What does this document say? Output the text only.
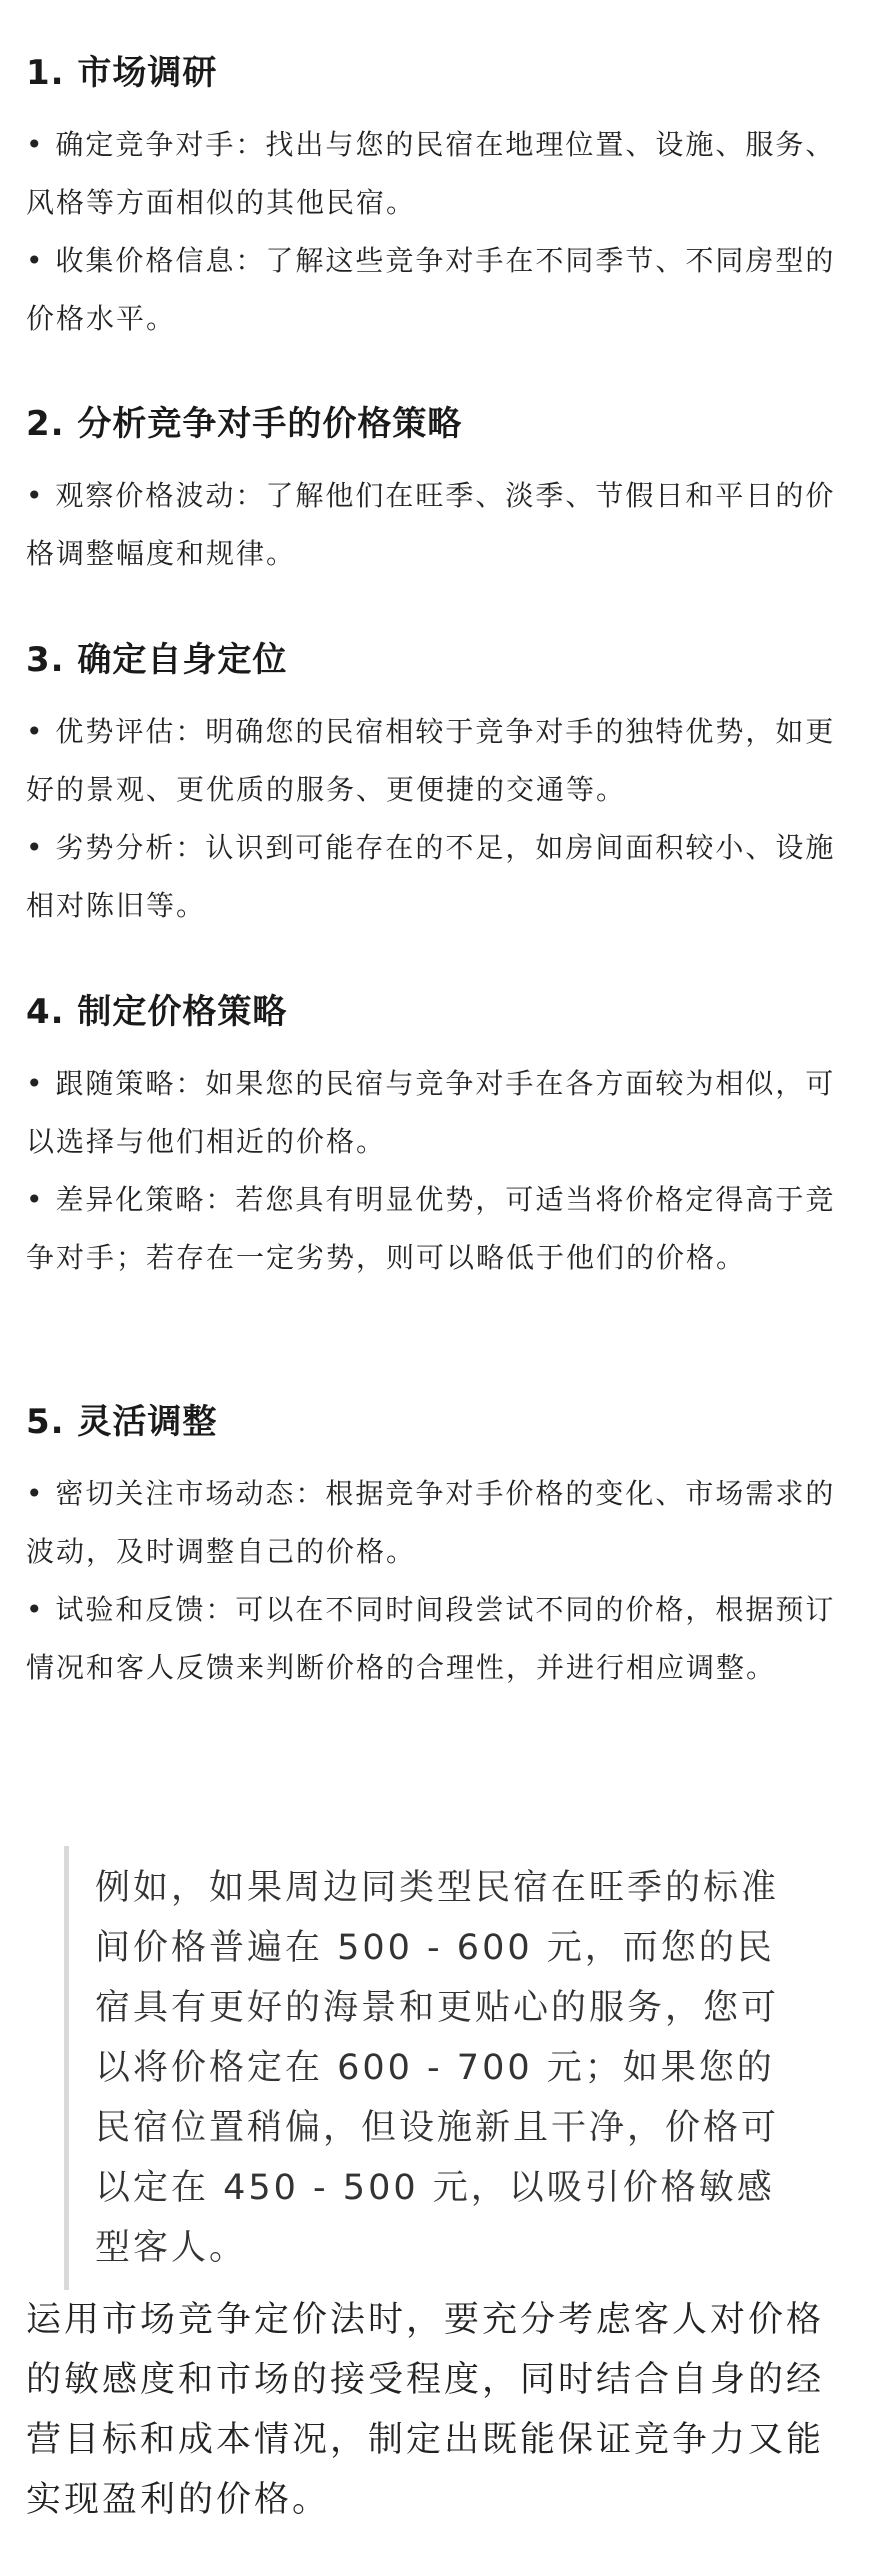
1. 市场调研

• 确定竞争对手：找出与您的民宿在地理位置、设施、服务、风格等方面相似的其他民宿。

• 收集价格信息：了解这些竞争对手在不同季节、不同房型的价格水平。

2. 分析竞争对手的价格策略

• 观察价格波动：了解他们在旺季、淡季、节假日和平日的价格调整幅度和规律。

3. 确定自身定位

• 优势评估：明确您的民宿相较于竞争对手的独特优势，如更好的景观、更优质的服务、更便捷的交通等。

• 劣势分析：认识到可能存在的不足，如房间面积较小、设施相对陈旧等。

4. 制定价格策略

• 跟随策略：如果您的民宿与竞争对手在各方面较为相似，可以选择与他们相近的价格。

• 差异化策略：若您具有明显优势，可适当将价格定得高于竞争对手；若存在一定劣势，则可以略低于他们的价格。

5. 灵活调整

• 密切关注市场动态：根据竞争对手价格的变化、市场需求的波动，及时调整自己的价格。

• 试验和反馈：可以在不同时间段尝试不同的价格，根据预订情况和客人反馈来判断价格的合理性，并进行相应调整。

例如，如果周边同类型民宿在旺季的标准间价格普遍在 500 - 600 元，而您的民宿具有更好的海景和更贴心的服务，您可以将价格定在 600 - 700 元；如果您的民宿位置稍偏，但设施新且干净，价格可以定在 450 - 500 元，以吸引价格敏感型客人。

运用市场竞争定价法时，要充分考虑客人对价格的敏感度和市场的接受程度，同时结合自身的经营目标和成本情况，制定出既能保证竞争力又能实现盈利的价格。
